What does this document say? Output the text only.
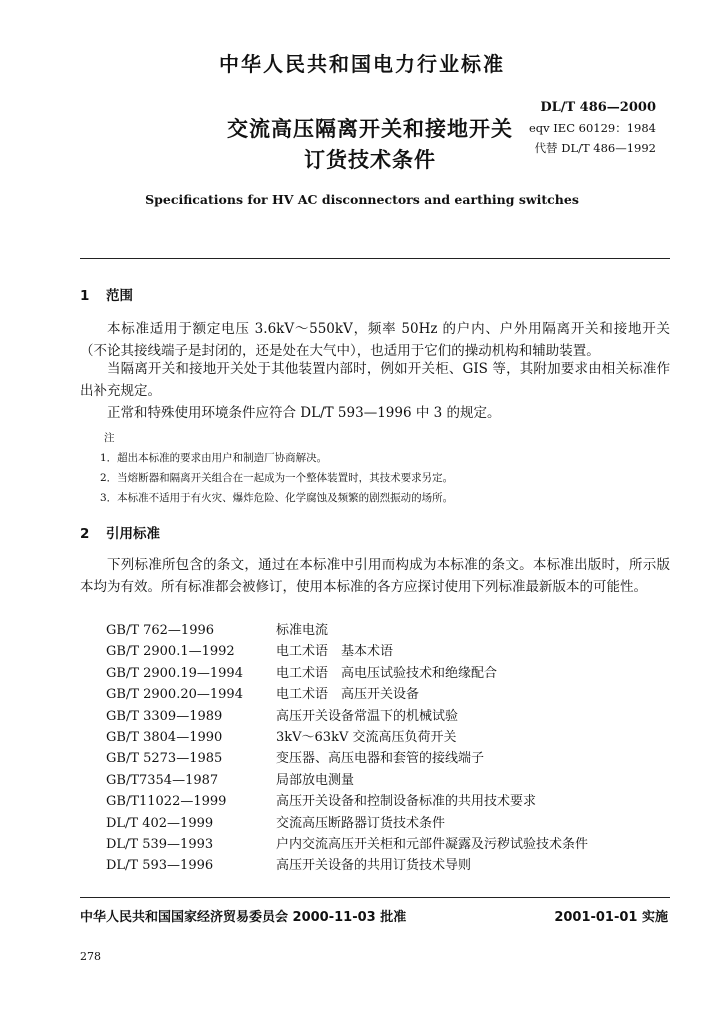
中华人民共和国电力行业标准
交流高压隔离开关和接地开关
订货技术条件
DL/T 486—2000
eqv IEC 60129：1984
代替 DL/T 486—1992
Specifications for HV AC disconnectors and earthing switches
1 范围
本标准适用于额定电压 3.6kV～550kV，频率 50Hz 的户内、户外用隔离开关和接地开关（不论其接线端子是封闭的，还是处在大气中），也适用于它们的操动机构和辅助装置。
当隔离开关和接地开关处于其他装置内部时，例如开关柜、GIS 等，其附加要求由相关标准作出补充规定。
正常和特殊使用环境条件应符合 DL/T 593—1996 中 3 的规定。
注
1．超出本标准的要求由用户和制造厂协商解决。
2．当熔断器和隔离开关组合在一起成为一个整体装置时，其技术要求另定。
3．本标准不适用于有火灾、爆炸危险、化学腐蚀及频繁的剧烈振动的场所。
2 引用标准
下列标准所包含的条文，通过在本标准中引用而构成为本标准的条文。本标准出版时，所示版本均为有效。所有标准都会被修订，使用本标准的各方应探讨使用下列标准最新版本的可能性。
GB/T 762—1996	标准电流
GB/T 2900.1—1992	电工术语　基本术语
GB/T 2900.19—1994	电工术语　高电压试验技术和绝缘配合
GB/T 2900.20—1994	电工术语　高压开关设备
GB/T 3309—1989	高压开关设备常温下的机械试验
GB/T 3804—1990	3kV～63kV 交流高压负荷开关
GB/T 5273—1985	变压器、高压电器和套管的接线端子
GB/T7354—1987	局部放电测量
GB/T11022—1999	高压开关设备和控制设备标准的共用技术要求
DL/T 402—1999	交流高压断路器订货技术条件
DL/T 539—1993	户内交流高压开关柜和元部件凝露及污秽试验技术条件
DL/T 593—1996	高压开关设备的共用订货技术导则
中华人民共和国国家经济贸易委员会 2000-11-03 批准	2001-01-01 实施
278
